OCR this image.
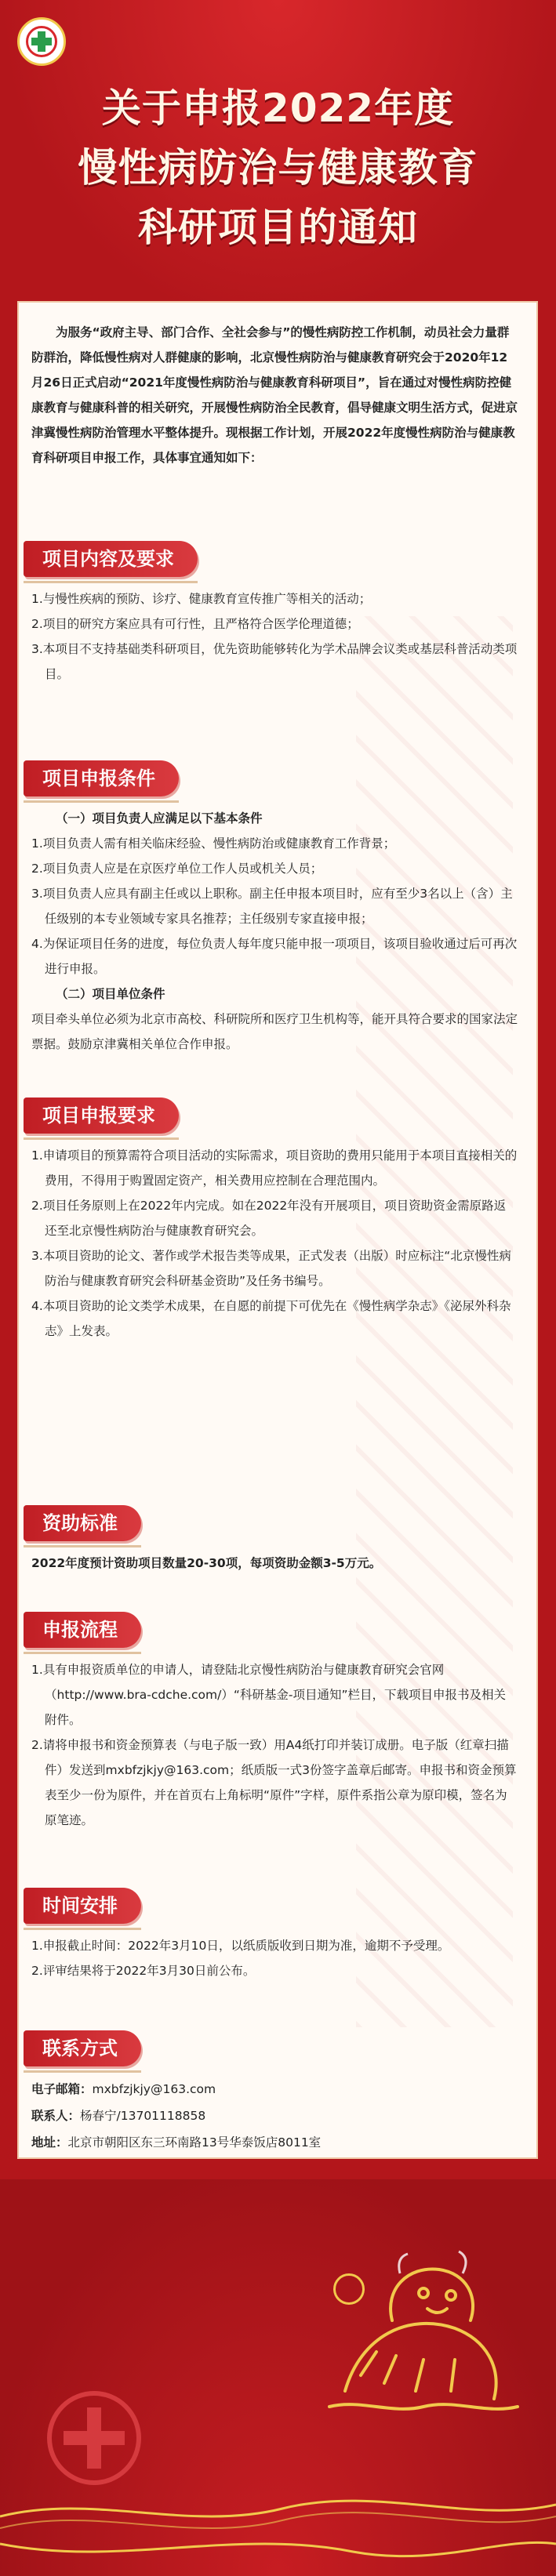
关于申报2022年度
慢性病防治与健康教育
科研项目的通知

为服务“政府主导、部门合作、全社会参与”的慢性病防控工作机制，动员社会力量群防群治，降低慢性病对人群健康的影响，北京慢性病防治与健康教育研究会于2020年12月26日正式启动“2021年度慢性病防治与健康教育科研项目”，旨在通过对慢性病防控健康教育与健康科普的相关研究，开展慢性病防治全民教育，倡导健康文明生活方式，促进京津冀慢性病防治管理水平整体提升。现根据工作计划，开展2022年度慢性病防治与健康教育科研项目申报工作，具体事宜通知如下：

项目内容及要求

1.与慢性疾病的预防、诊疗、健康教育宣传推广等相关的活动；

2.项目的研究方案应具有可行性，且严格符合医学伦理道德；

3.本项目不支持基础类科研项目，优先资助能够转化为学术品牌会议类或基层科普活动类项目。

项目申报条件

（一）项目负责人应满足以下基本条件

1.项目负责人需有相关临床经验、慢性病防治或健康教育工作背景；

2.项目负责人应是在京医疗单位工作人员或机关人员；

3.项目负责人应具有副主任或以上职称。副主任申报本项目时，应有至少3名以上（含）主任级别的本专业领域专家具名推荐；主任级别专家直接申报；

4.为保证项目任务的进度，每位负责人每年度只能申报一项项目，该项目验收通过后可再次进行申报。

（二）项目单位条件

项目牵头单位必须为北京市高校、科研院所和医疗卫生机构等，能开具符合要求的国家法定票据。鼓励京津冀相关单位合作申报。

项目申报要求

1.申请项目的预算需符合项目活动的实际需求，项目资助的费用只能用于本项目直接相关的费用，不得用于购置固定资产，相关费用应控制在合理范围内。

2.项目任务原则上在2022年内完成。如在2022年没有开展项目，项目资助资金需原路返还至北京慢性病防治与健康教育研究会。

3.本项目资助的论文、著作或学术报告类等成果，正式发表（出版）时应标注“北京慢性病防治与健康教育研究会科研基金资助”及任务书编号。

4.本项目资助的论文类学术成果，在自愿的前提下可优先在《慢性病学杂志》《泌尿外科杂志》上发表。

资助标准

2022年度预计资助项目数量20-30项，每项资助金额3-5万元。

申报流程

1.具有申报资质单位的申请人，请登陆北京慢性病防治与健康教育研究会官网（http://www.bra-cdche.com/）“科研基金-项目通知”栏目，下载项目申报书及相关附件。

2.请将申报书和资金预算表（与电子版一致）用A4纸打印并装订成册。电子版（红章扫描件）发送到mxbfzjkjy@163.com；纸质版一式3份签字盖章后邮寄。申报书和资金预算表至少一份为原件，并在首页右上角标明“原件”字样，原件系指公章为原印模，签名为原笔迹。

时间安排

1.申报截止时间：2022年3月10日，以纸质版收到日期为准，逾期不予受理。

2.评审结果将于2022年3月30日前公布。

联系方式

电子邮箱：mxbfzjkjy@163.com

联系人：杨春宁/13701118858

地址：北京市朝阳区东三环南路13号华泰饭店8011室
